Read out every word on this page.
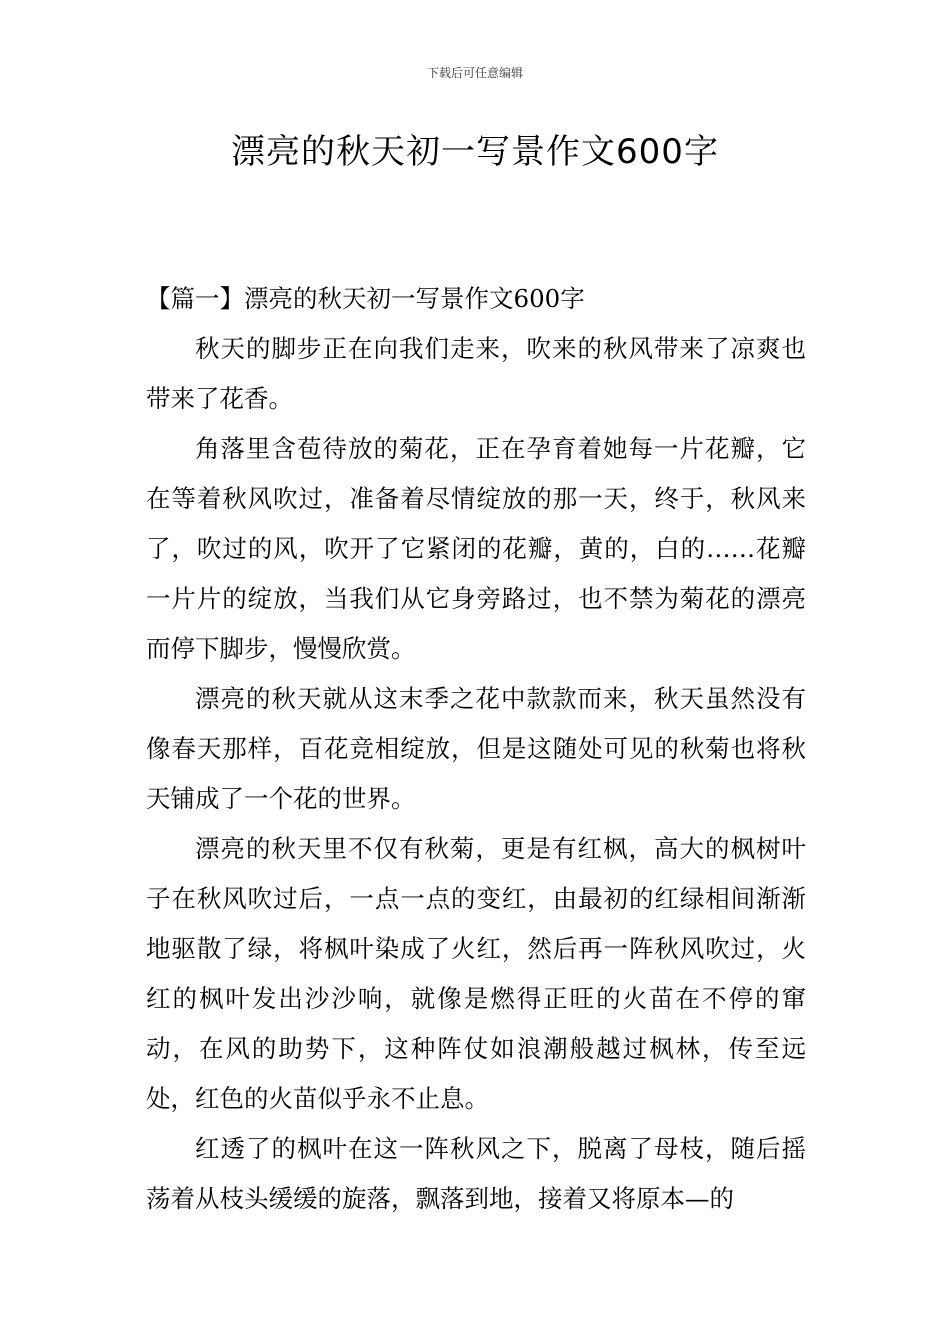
下载后可任意编辑
漂亮的秋天初一写景作文600字

【篇一】漂亮的秋天初一写景作文600字

秋天的脚步正在向我们走来，吹来的秋风带来了凉爽也带来了花香。

角落里含苞待放的菊花，正在孕育着她每一片花瓣，它在等着秋风吹过，准备着尽情绽放的那一天，终于，秋风来了，吹过的风，吹开了它紧闭的花瓣，黄的，白的……花瓣一片片的绽放，当我们从它身旁路过，也不禁为菊花的漂亮而停下脚步，慢慢欣赏。

漂亮的秋天就从这末季之花中款款而来，秋天虽然没有像春天那样，百花竞相绽放，但是这随处可见的秋菊也将秋天铺成了一个花的世界。

漂亮的秋天里不仅有秋菊，更是有红枫，高大的枫树叶子在秋风吹过后，一点一点的变红，由最初的红绿相间渐渐地驱散了绿，将枫叶染成了火红，然后再一阵秋风吹过，火红的枫叶发出沙沙响，就像是燃得正旺的火苗在不停的窜动，在风的助势下，这种阵仗如浪潮般越过枫林，传至远处，红色的火苗似乎永不止息。

红透了的枫叶在这一阵秋风之下，脱离了母枝，随后摇荡着从枝头缓缓的旋落，飘落到地，接着又将原本—的
